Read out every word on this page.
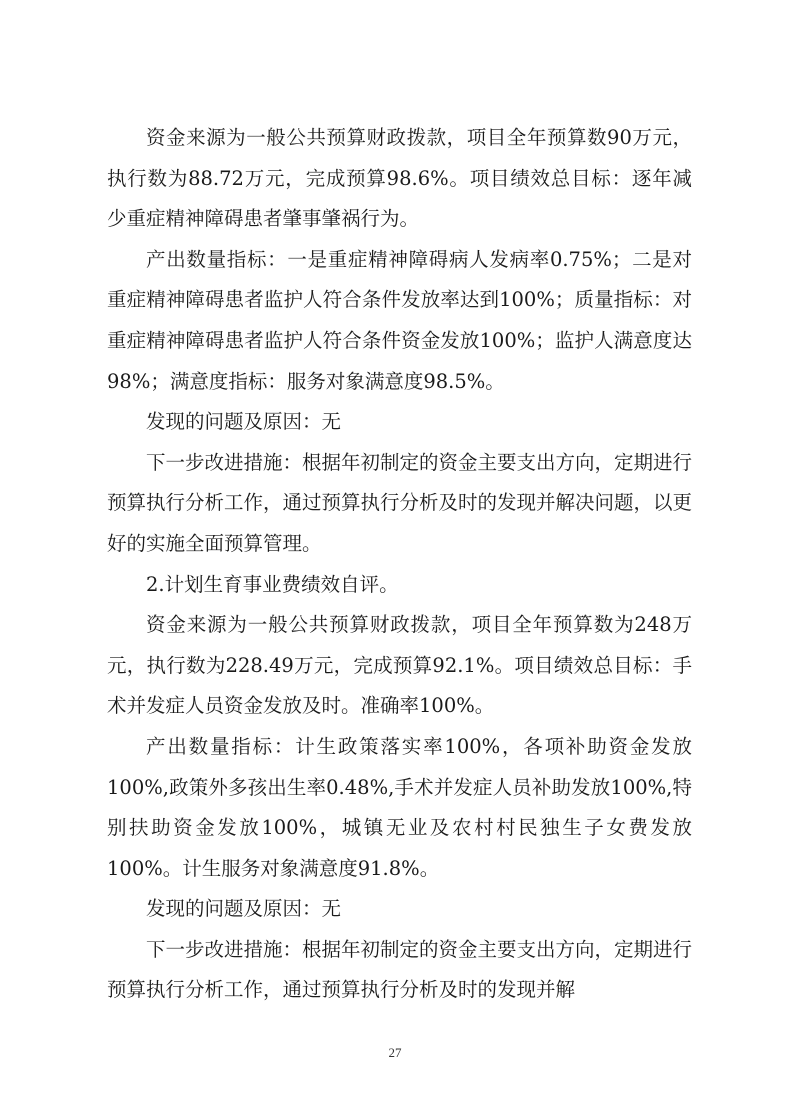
资金来源为一般公共预算财政拨款，项目全年预算数90万元，执行数为88.72万元，完成预算98.6%。项目绩效总目标：逐年减少重症精神障碍患者肇事肇祸行为。

产出数量指标：一是重症精神障碍病人发病率0.75%；二是对重症精神障碍患者监护人符合条件发放率达到100%；质量指标：对重症精神障碍患者监护人符合条件资金发放100%；监护人满意度达98%；满意度指标：服务对象满意度98.5%。

发现的问题及原因：无

下一步改进措施：根据年初制定的资金主要支出方向，定期进行预算执行分析工作，通过预算执行分析及时的发现并解决问题，以更好的实施全面预算管理。

2.计划生育事业费绩效自评。

资金来源为一般公共预算财政拨款，项目全年预算数为248万元，执行数为228.49万元，完成预算92.1%。项目绩效总目标：手术并发症人员资金发放及时。准确率100%。

产出数量指标：计生政策落实率100%，各项补助资金发放100%,政策外多孩出生率0.48%,手术并发症人员补助发放100%,特别扶助资金发放100%，城镇无业及农村村民独生子女费发放100%。计生服务对象满意度91.8%。

发现的问题及原因：无

下一步改进措施：根据年初制定的资金主要支出方向，定期进行预算执行分析工作，通过预算执行分析及时的发现并解

27
